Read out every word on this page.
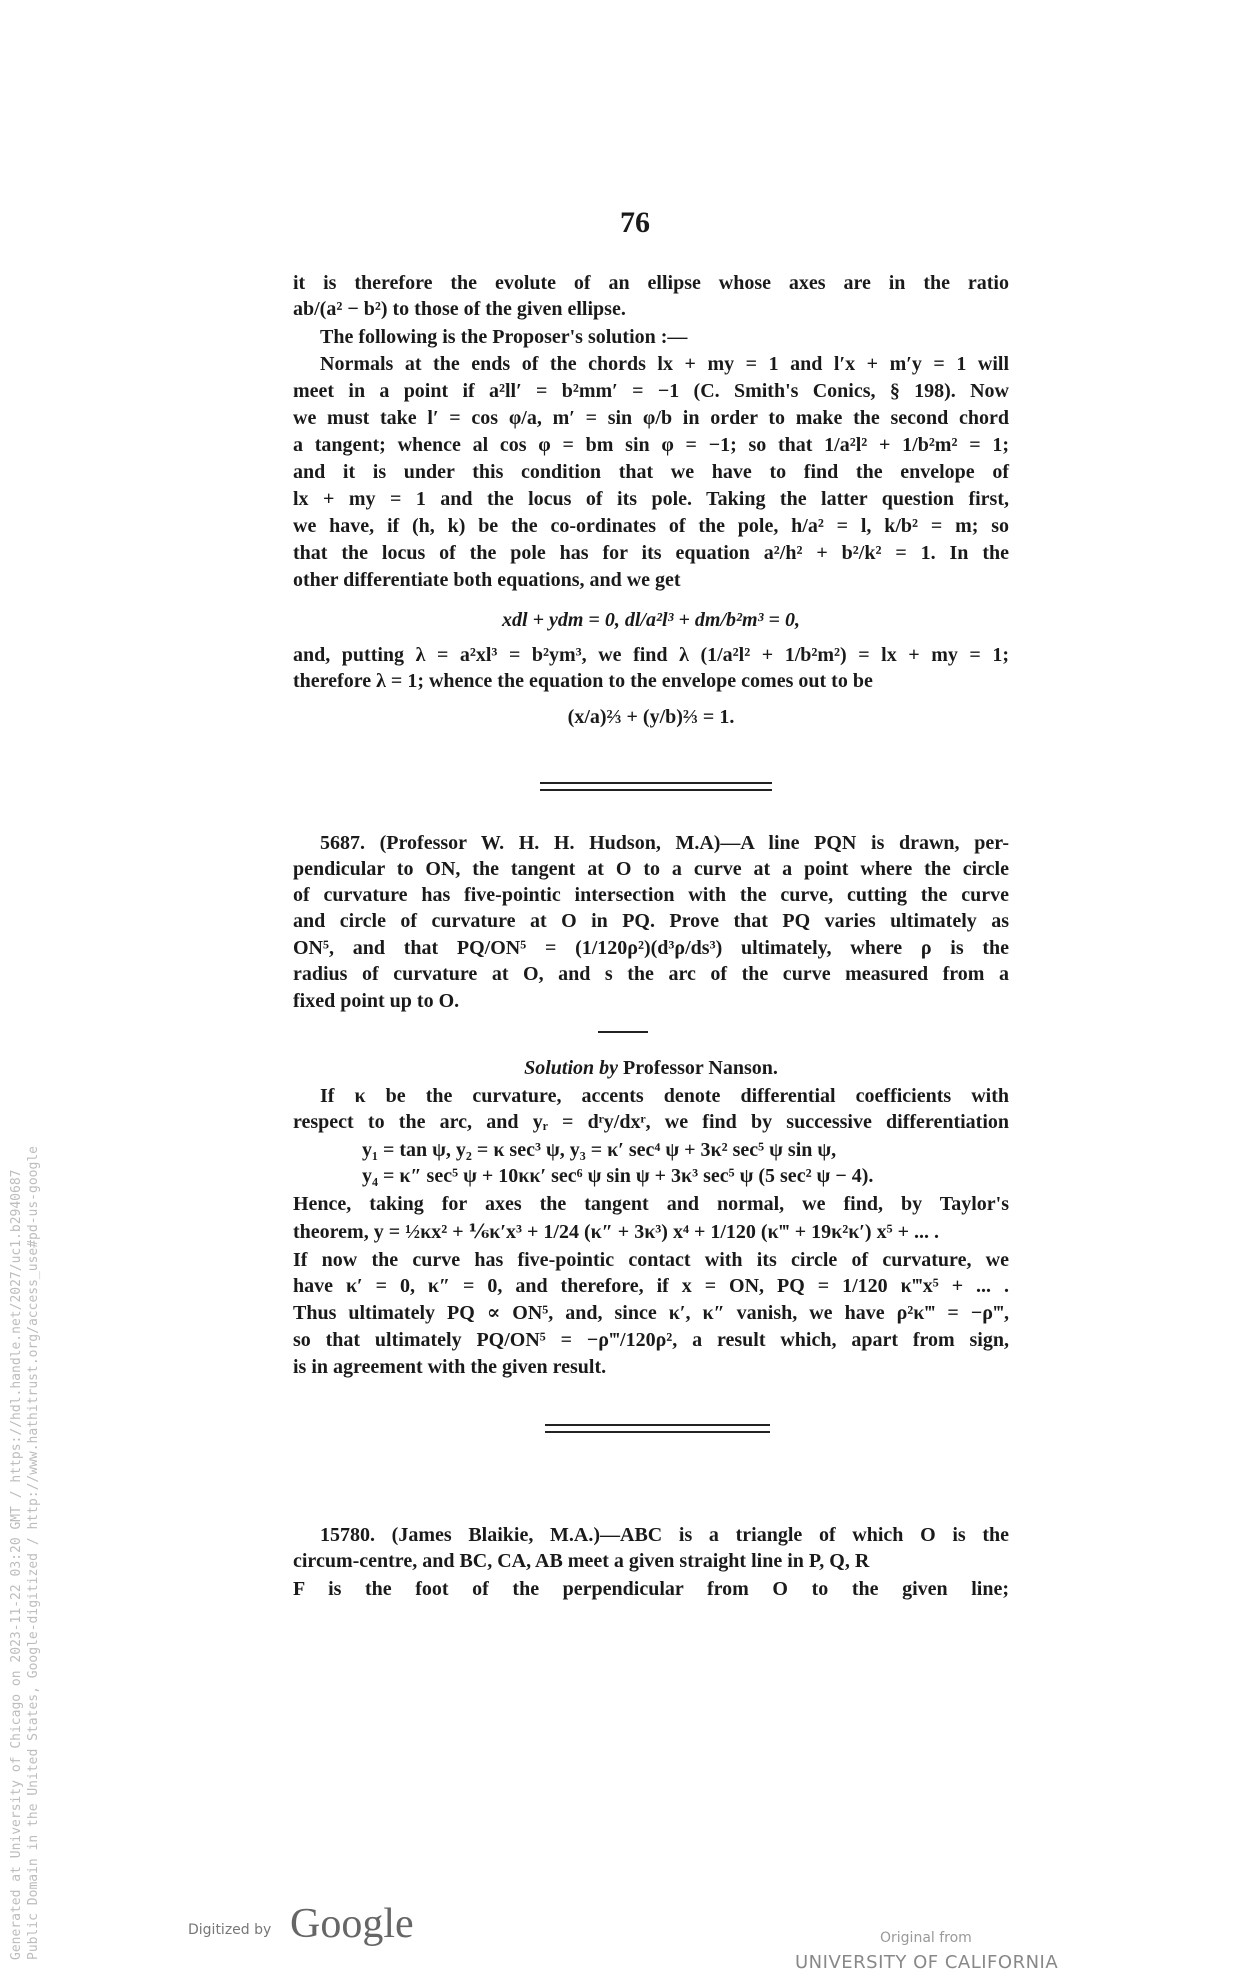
76
it is therefore the evolute of an ellipse whose axes are in the ratio
ab/(a² − b²) to those of the given ellipse.
The following is the Proposer's solution :—
Normals at the ends of the chords lx + my = 1 and l′x + m′y = 1 will
meet in a point if a²ll′ = b²mm′ = −1 (C. Smith's Conics, § 198). Now
we must take l′ = cos φ/a, m′ = sin φ/b in order to make the second chord
a tangent; whence al cos φ = bm sin φ = −1; so that 1/a²l² + 1/b²m² = 1;
and it is under this condition that we have to find the envelope of
lx + my = 1 and the locus of its pole. Taking the latter question first,
we have, if (h, k) be the co-ordinates of the pole, h/a² = l, k/b² = m; so
that the locus of the pole has for its equation a²/h² + b²/k² = 1. In the
other differentiate both equations, and we get
xdl + ydm = 0, dl/a²l³ + dm/b²m³ = 0,
and, putting λ = a²xl³ = b²ym³, we find λ (1/a²l² + 1/b²m²) = lx + my = 1;
therefore λ = 1; whence the equation to the envelope comes out to be
(x/a)⅔ + (y/b)⅔ = 1.
5687. (Professor W. H. H. Hudson, M.A)—A line PQN is drawn, per-
pendicular to ON, the tangent at O to a curve at a point where the circle
of curvature has five-pointic intersection with the curve, cutting the curve
and circle of curvature at O in PQ. Prove that PQ varies ultimately as
ON⁵, and that PQ/ON⁵ = (1/120ρ²)(d³ρ/ds³) ultimately, where ρ is the
radius of curvature at O, and s the arc of the curve measured from a
fixed point up to O.
Solution by Professor Nanson.
If κ be the curvature, accents denote differential coefficients with
respect to the arc, and yᵣ = dʳy/dxʳ, we find by successive differentiation
y₁ = tan ψ, y₂ = κ sec³ ψ, y₃ = κ′ sec⁴ ψ + 3κ² sec⁵ ψ sin ψ,
y₄ = κ″ sec⁵ ψ + 10κκ′ sec⁶ ψ sin ψ + 3κ³ sec⁵ ψ (5 sec² ψ − 4).
Hence, taking for axes the tangent and normal, we find, by Taylor's
theorem, y = ½κx² + ⅙κ′x³ + 1/24 (κ″ + 3κ³) x⁴ + 1/120 (κ‴ + 19κ²κ′) x⁵ + ... .
If now the curve has five-pointic contact with its circle of curvature, we
have κ′ = 0, κ″ = 0, and therefore, if x = ON, PQ = 1/120 κ‴x⁵ + ... .
Thus ultimately PQ ∝ ON⁵, and, since κ′, κ″ vanish, we have ρ²κ‴ = −ρ‴,
so that ultimately PQ/ON⁵ = −ρ‴/120ρ², a result which, apart from sign,
is in agreement with the given result.
15780. (James Blaikie, M.A.)—ABC is a triangle of which O is the
circum-centre, and BC, CA, AB meet a given straight line in P, Q, R
F is the foot of the perpendicular from O to the given line;
Generated at University of Chicago on 2023-11-22 03:20 GMT / https://hdl.handle.net/2027/uc1.b2940687 Public Domain in the United States, Google-digitized / http://www.hathitrust.org/access_use#pd-us-google	Digitized by Google	Original from
UNIVERSITY OF CALIFORNIA
